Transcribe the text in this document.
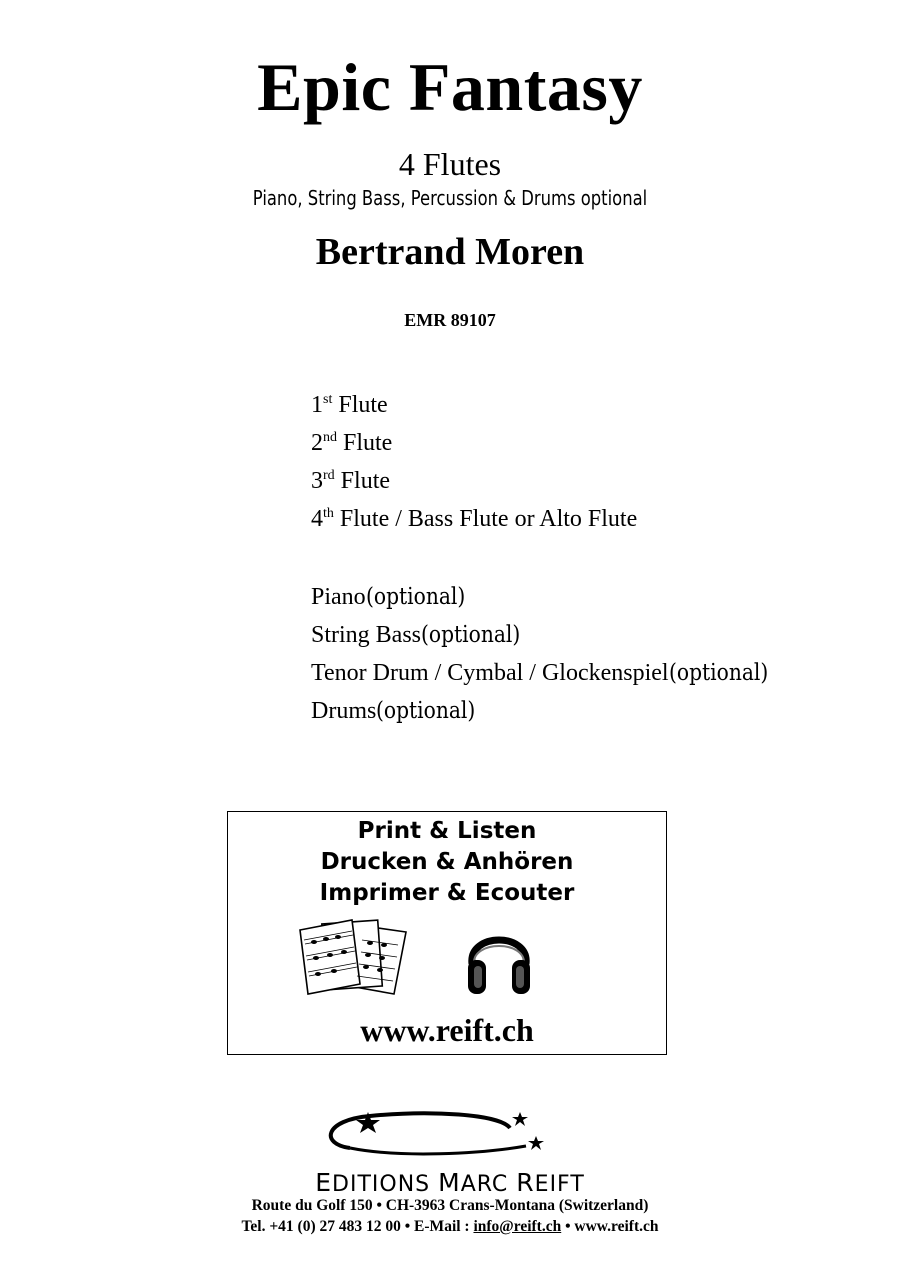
Epic Fantasy
4 Flutes
Piano, String Bass, Percussion & Drums optional
Bertrand Moren
EMR 89107
1st Flute
2nd Flute
3rd Flute
4th Flute / Bass Flute or Alto Flute
Piano(optional)
String Bass(optional)
Tenor Drum / Cymbal / Glockenspiel(optional)
Drums(optional)
Print & Listen
Drucken & Anhören
Imprimer & Ecouter
www.reift.ch
EDITIONS MARC REIFT
Route du Golf 150 • CH-3963 Crans-Montana (Switzerland)
Tel. +41 (0) 27 483 12 00 • E-Mail : info@reift.ch • www.reift.ch
